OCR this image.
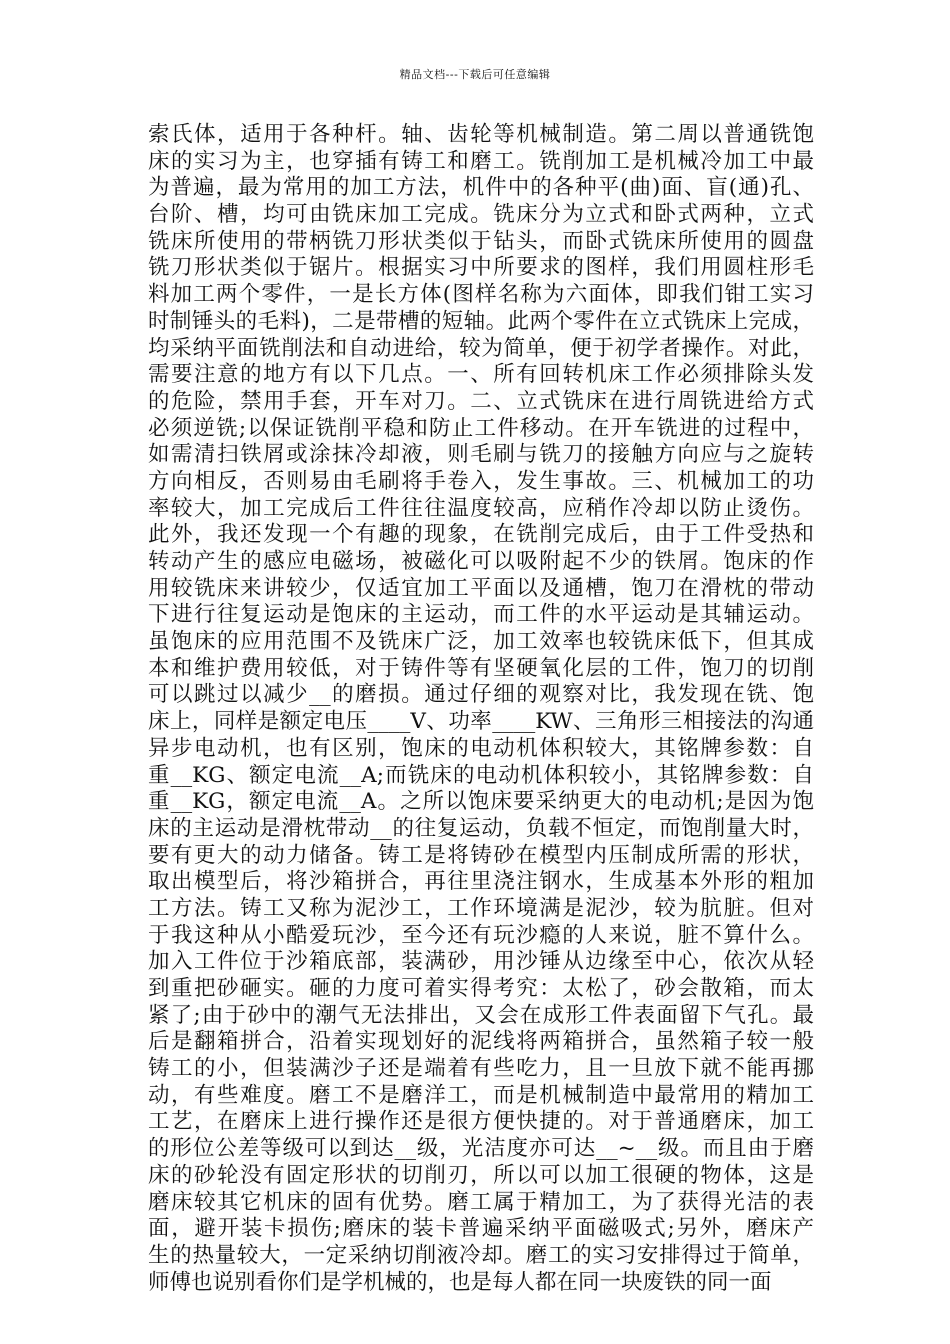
精品文档---下载后可任意编辑
索氏体，适用于各种杆。轴、齿轮等机械制造。第二周以普通铣饱
床的实习为主，也穿插有铸工和磨工。铣削加工是机械冷加工中最
为普遍，最为常用的加工方法，机件中的各种平(曲)面、盲(通)孔、
台阶、槽，均可由铣床加工完成。铣床分为立式和卧式两种，立式
铣床所使用的带柄铣刀形状类似于钻头，而卧式铣床所使用的圆盘
铣刀形状类似于锯片。根据实习中所要求的图样，我们用圆柱形毛
料加工两个零件，一是长方体(图样名称为六面体，即我们钳工实习
时制锤头的毛料)，二是带槽的短轴。此两个零件在立式铣床上完成，
均采纳平面铣削法和自动进给，较为简单，便于初学者操作。对此，
需要注意的地方有以下几点。一、所有回转机床工作必须排除头发
的危险，禁用手套，开车对刀。二、立式铣床在进行周铣进给方式
必须逆铣;以保证铣削平稳和防止工件移动。在开车铣进的过程中，
如需清扫铁屑或涂抹冷却液，则毛刷与铣刀的接触方向应与之旋转
方向相反，否则易由毛刷将手卷入，发生事故。三、机械加工的功
率较大，加工完成后工件往往温度较高，应稍作冷却以防止烫伤。
此外，我还发现一个有趣的现象，在铣削完成后，由于工件受热和
转动产生的感应电磁场，被磁化可以吸附起不少的铁屑。饱床的作
用较铣床来讲较少，仅适宜加工平面以及通槽，饱刀在滑枕的带动
下进行往复运动是饱床的主运动，而工件的水平运动是其辅运动。
虽饱床的应用范围不及铣床广泛，加工效率也较铣床低下，但其成
本和维护费用较低，对于铸件等有坚硬氧化层的工件，饱刀的切削
可以跳过以减少__的磨损。通过仔细的观察对比，我发现在铣、饱
床上，同样是额定电压____V、功率____KW、三角形三相接法的沟通
异步电动机，也有区别，饱床的电动机体积较大，其铭牌参数：自
重__KG、额定电流__A;而铣床的电动机体积较小，其铭牌参数：自
重__KG，额定电流__A。之所以饱床要采纳更大的电动机;是因为饱
床的主运动是滑枕带动__的往复运动，负载不恒定，而饱削量大时，
要有更大的动力储备。铸工是将铸砂在模型内压制成所需的形状，
取出模型后，将沙箱拼合，再往里浇注钢水，生成基本外形的粗加
工方法。铸工又称为泥沙工，工作环境满是泥沙，较为肮脏。但对
于我这种从小酷爱玩沙，至今还有玩沙瘾的人来说，脏不算什么。
加入工件位于沙箱底部，装满砂，用沙锤从边缘至中心，依次从轻
到重把砂砸实。砸的力度可着实得考究：太松了，砂会散箱，而太
紧了;由于砂中的潮气无法排出，又会在成形工件表面留下气孔。最
后是翻箱拼合，沿着实现划好的泥线将两箱拼合，虽然箱子较一般
铸工的小，但装满沙子还是端着有些吃力，且一旦放下就不能再挪
动，有些难度。磨工不是磨洋工，而是机械制造中最常用的精加工
工艺，在磨床上进行操作还是很方便快捷的。对于普通磨床，加工
的形位公差等级可以到达__级，光洁度亦可达__~__级。而且由于磨
床的砂轮没有固定形状的切削刃，所以可以加工很硬的物体，这是
磨床较其它机床的固有优势。磨工属于精加工，为了获得光洁的表
面，避开装卡损伤;磨床的装卡普遍采纳平面磁吸式;另外，磨床产
生的热量较大，一定采纳切削液冷却。磨工的实习安排得过于简单，
师傅也说别看你们是学机械的，也是每人都在同一块废铁的同一面
